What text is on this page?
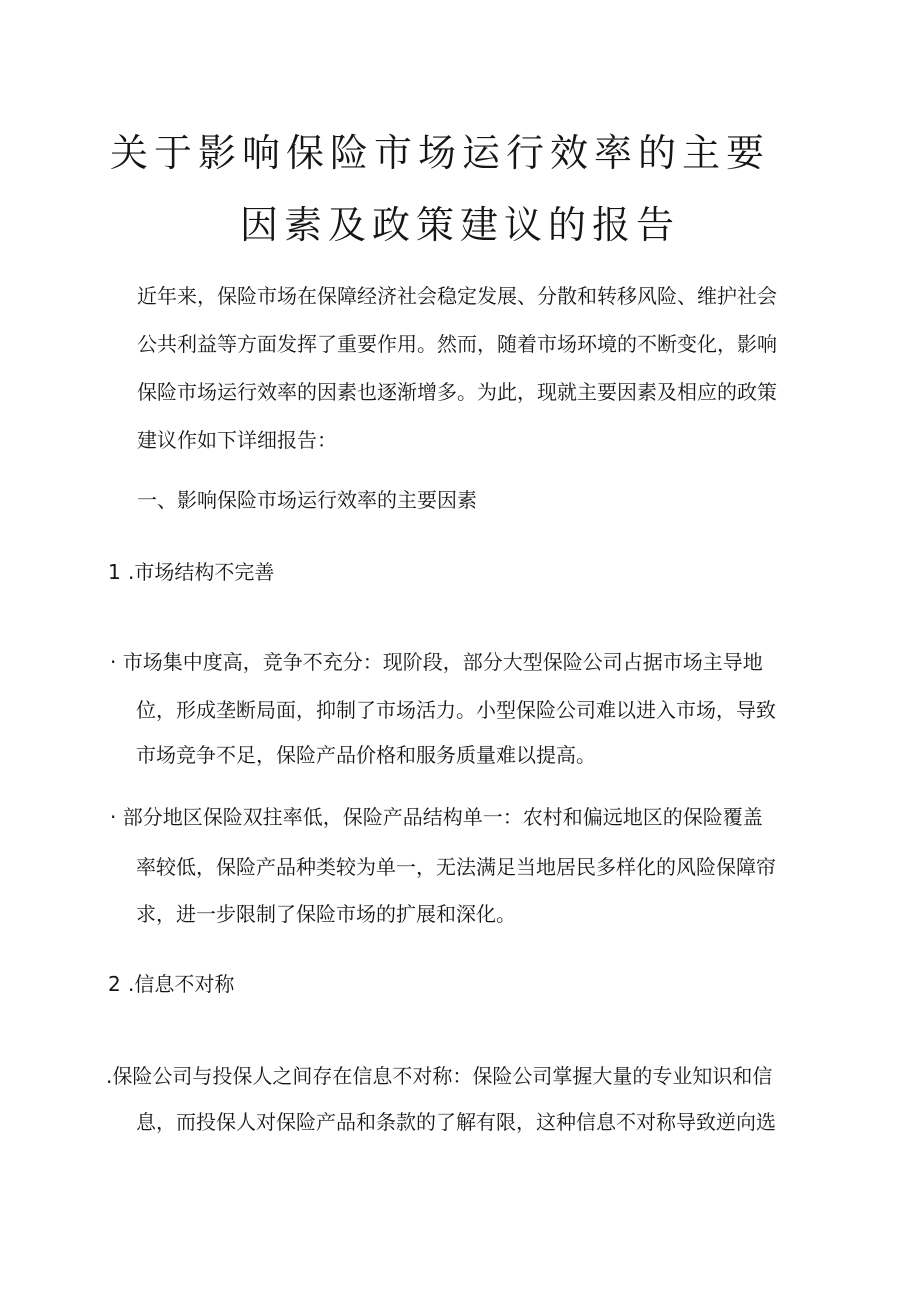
关于影响保险市场运行效率的主要
因素及政策建议的报告
近年来，保险市场在保障经济社会稳定发展、分散和转移风险、维护社会
公共利益等方面发挥了重要作用。然而，随着市场环境的不断变化，影响
保险市场运行效率的因素也逐渐增多。为此，现就主要因素及相应的政策
建议作如下详细报告：
一、影响保险市场运行效率的主要因素
1 .市场结构不完善
· 市场集中度高，竞争不充分：现阶段，部分大型保险公司占据市场主导地
位，形成垄断局面，抑制了市场活力。小型保险公司难以进入市场，导致
市场竞争不足，保险产品价格和服务质量难以提高。
· 部分地区保险双拄率低，保险产品结构单一：农村和偏远地区的保险覆盖
率较低，保险产品种类较为单一，无法满足当地居民多样化的风险保障帘
求，进一步限制了保险市场的扩展和深化。
2 .信息不对称
.保险公司与投保人之间存在信息不对称：保险公司掌握大量的专业知识和信
息，而投保人对保险产品和条款的了解有限，这种信息不对称导致逆向选
